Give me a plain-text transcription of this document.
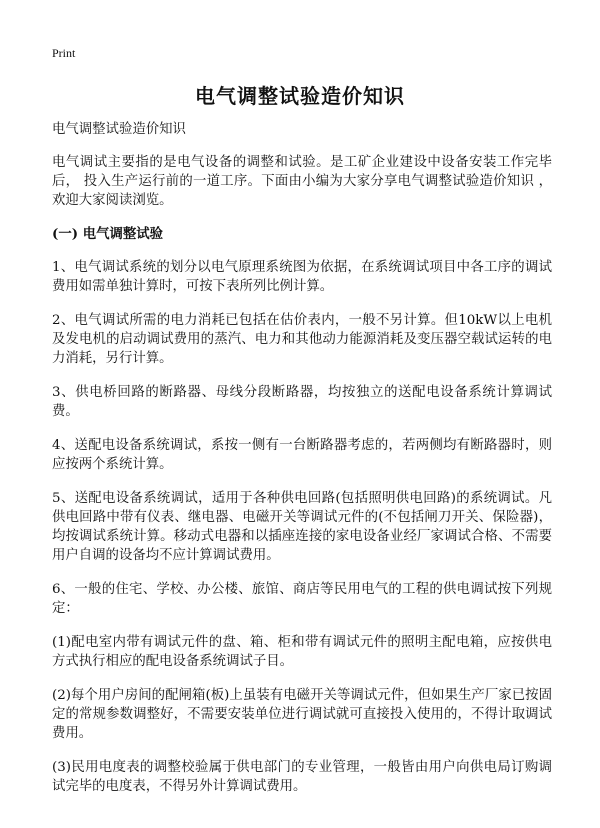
Print
电气调整试验造价知识

电气调整试验造价知识

电气调试主要指的是电气设备的调整和试验。是工矿企业建设中设备安装工作完毕后， 投入生产运行前的一道工序。下面由小编为大家分享电气调整试验造价知识 ，欢迎大家阅读浏览。

(一) 电气调整试验

1、电气调试系统的划分以电气原理系统图为依据，在系统调试项目中各工序的调试费用如需单独计算时，可按下表所列比例计算。

2、电气调试所需的电力消耗已包括在估价表内，一般不另计算。但10kW以上电机及发电机的启动调试费用的蒸汽、电力和其他动力能源消耗及变压器空载试运转的电力消耗，另行计算。

3、供电桥回路的断路器、母线分段断路器，均按独立的送配电设备系统计算调试费。

4、送配电设备系统调试，系按一侧有一台断路器考虑的，若两侧均有断路器时，则应按两个系统计算。

5、送配电设备系统调试，适用于各种供电回路(包括照明供电回路)的系统调试。凡供电回路中带有仪表、继电器、电磁开关等调试元件的(不包括闸刀开关、保险器)，均按调试系统计算。移动式电器和以插座连接的家电设备业经厂家调试合格、不需要用户自调的设备均不应计算调试费用。

6、一般的住宅、学校、办公楼、旅馆、商店等民用电气的工程的供电调试按下列规定：

(1)配电室内带有调试元件的盘、箱、柜和带有调试元件的照明主配电箱，应按供电方式执行相应的配电设备系统调试子目。

(2)每个用户房间的配闸箱(板)上虽装有电磁开关等调试元件，但如果生产厂家已按固定的常规参数调整好，不需要安装单位进行调试就可直接投入使用的，不得计取调试费用。

(3)民用电度表的调整校验属于供电部门的专业管理，一般皆由用户向供电局订购调试完毕的电度表，不得另外计算调试费用。
